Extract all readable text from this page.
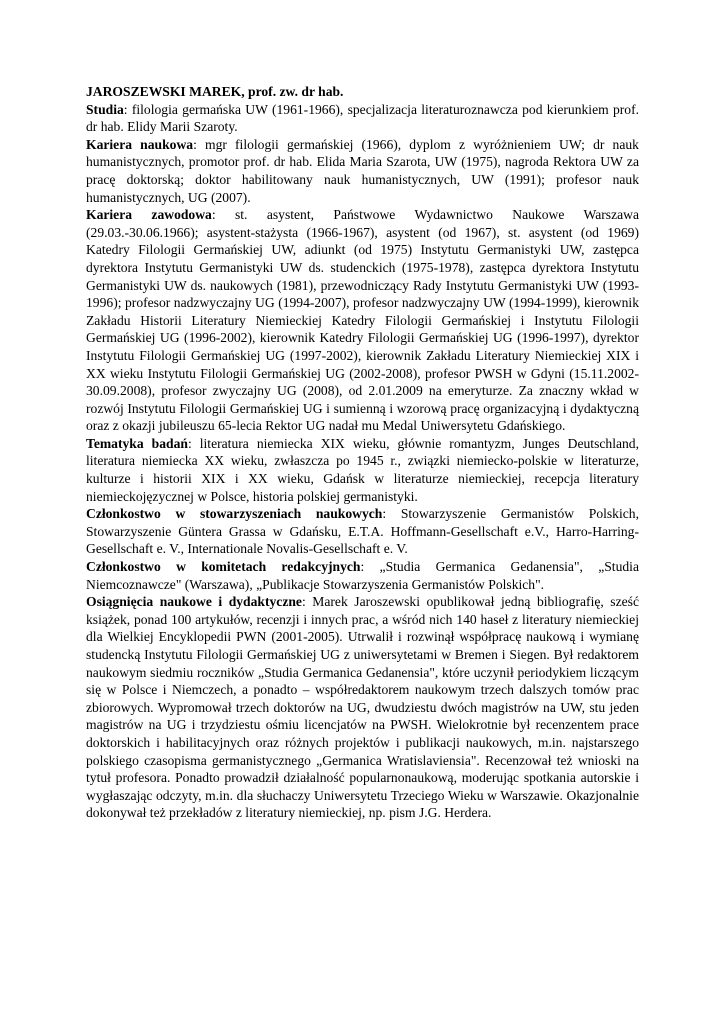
JAROSZEWSKI MAREK, prof. zw. dr hab.

Studia: filologia germańska UW (1961-1966), specjalizacja literaturoznawcza pod kierunkiem prof. dr hab. Elidy Marii Szaroty.

Kariera naukowa: mgr filologii germańskiej (1966), dyplom z wyróżnieniem UW; dr nauk humanistycznych, promotor prof. dr hab. Elida Maria Szarota, UW (1975), nagroda Rektora UW za pracę doktorską; doktor habilitowany nauk humanistycznych, UW (1991); profesor nauk humanistycznych, UG (2007).

Kariera zawodowa: st. asystent, Państwowe Wydawnictwo Naukowe Warszawa (29.03.-30.06.1966); asystent-stażysta (1966-1967), asystent (od 1967), st. asystent (od 1969) Katedry Filologii Germańskiej UW, adiunkt (od 1975) Instytutu Germanistyki UW, zastępca dyrektora Instytutu Germanistyki UW ds. studenckich (1975-1978), zastępca dyrektora Instytutu Germanistyki UW ds. naukowych (1981), przewodniczący Rady Instytutu Germanistyki UW (1993-1996); profesor nadzwyczajny UG (1994-2007), profesor nadzwyczajny UW (1994-1999), kierownik Zakładu Historii Literatury Niemieckiej Katedry Filologii Germańskiej i Instytutu Filologii Germańskiej UG (1996-2002), kierownik Katedry Filologii Germańskiej UG (1996-1997), dyrektor Instytutu Filologii Germańskiej UG (1997-2002), kierownik Zakładu Literatury Niemieckiej XIX i XX wieku Instytutu Filologii Germańskiej UG (2002-2008), profesor PWSH w Gdyni (15.11.2002-30.09.2008), profesor zwyczajny UG (2008), od 2.01.2009 na emeryturze. Za znaczny wkład w rozwój Instytutu Filologii Germańskiej UG i sumienną i wzorową pracę organizacyjną i dydaktyczną oraz z okazji jubileuszu 65-lecia Rektor UG nadał mu Medal Uniwersytetu Gdańskiego.

Tematyka badań: literatura niemiecka XIX wieku, głównie romantyzm, Junges Deutschland, literatura niemiecka XX wieku, zwłaszcza po 1945 r., związki niemiecko-polskie w literaturze, kulturze i historii XIX i XX wieku, Gdańsk w literaturze niemieckiej, recepcja literatury niemieckojęzycznej w Polsce, historia polskiej germanistyki.

Członkostwo w stowarzyszeniach naukowych: Stowarzyszenie Germanistów Polskich, Stowarzyszenie Güntera Grassa w Gdańsku, E.T.A. Hoffmann-Gesellschaft e.V., Harro-Harring-Gesellschaft e. V., Internationale Novalis-Gesellschaft e. V.

Członkostwo w komitetach redakcyjnych: „Studia Germanica Gedanensia", „Studia Niemcoznawcze" (Warszawa), „Publikacje Stowarzyszenia Germanistów Polskich".

Osiągnięcia naukowe i dydaktyczne: Marek Jaroszewski opublikował jedną bibliografię, sześć książek, ponad 100 artykułów, recenzji i innych prac, a wśród nich 140 haseł z literatury niemieckiej dla Wielkiej Encyklopedii PWN (2001-2005). Utrwalił i rozwinął współpracę naukową i wymianę studencką Instytutu Filologii Germańskiej UG z uniwersytetami w Bremen i Siegen. Był redaktorem naukowym siedmiu roczników „Studia Germanica Gedanensia", które uczynił periodykiem liczącym się w Polsce i Niemczech, a ponadto – współredaktorem naukowym trzech dalszych tomów prac zbiorowych. Wypromował trzech doktorów na UG, dwudziestu dwóch magistrów na UW, stu jeden magistrów na UG i trzydziestu ośmiu licencjatów na PWSH. Wielokrotnie był recenzentem prace doktorskich i habilitacyjnych oraz różnych projektów i publikacji naukowych, m.in. najstarszego polskiego czasopisma germanistycznego „Germanica Wratislaviensia". Recenzował też wnioski na tytuł profesora. Ponadto prowadził działalność popularnonaukową, moderując spotkania autorskie i wygłaszając odczyty, m.in. dla słuchaczy Uniwersytetu Trzeciego Wieku w Warszawie. Okazjonalnie dokonywał też przekładów z literatury niemieckiej, np. pism J.G. Herdera.
